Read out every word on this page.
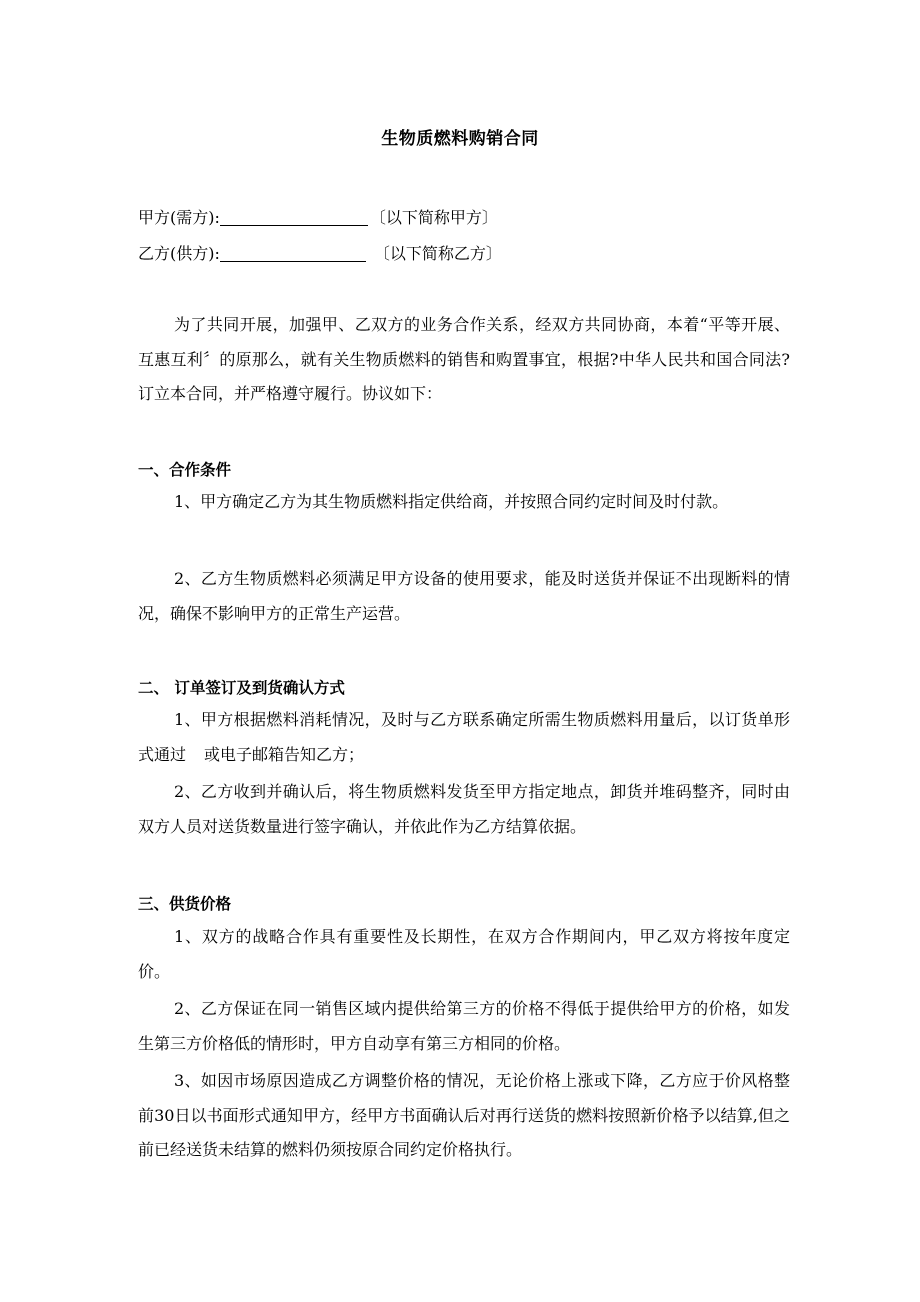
生物质燃料购销合同
甲方(需方):	〔以下简称甲方〕
乙方(供方):	〔以下简称乙方〕
为了共同开展，加强甲、乙双方的业务合作关系，经双方共同协商，本着“平等开展、互惠互利〞的原那么，就有关生物质燃料的销售和购置事宜，根据?中华人民共和国合同法?订立本合同，并严格遵守履行。协议如下：
一、合作条件
1、甲方确定乙方为其生物质燃料指定供给商，并按照合同约定时间及时付款。
2、乙方生物质燃料必须满足甲方设备的使用要求，能及时送货并保证不出现断料的情况，确保不影响甲方的正常生产运营。
二、 订单签订及到货确认方式
1、甲方根据燃料消耗情况，及时与乙方联系确定所需生物质燃料用量后，以订货单形式通过 或电子邮箱告知乙方；
2、乙方收到并确认后，将生物质燃料发货至甲方指定地点，卸货并堆码整齐，同时由双方人员对送货数量进行签字确认，并依此作为乙方结算依据。
三、供货价格
1、双方的战略合作具有重要性及长期性，在双方合作期间内，甲乙双方将按年度定价。
2、乙方保证在同一销售区域内提供给第三方的价格不得低于提供给甲方的价格，如发生第三方价格低的情形时，甲方自动享有第三方相同的价格。
3、如因市场原因造成乙方调整价格的情况，无论价格上涨或下降，乙方应于价风格整前30日以书面形式通知甲方，经甲方书面确认后对再行送货的燃料按照新价格予以结算,但之前已经送货未结算的燃料仍须按原合同约定价格执行。
